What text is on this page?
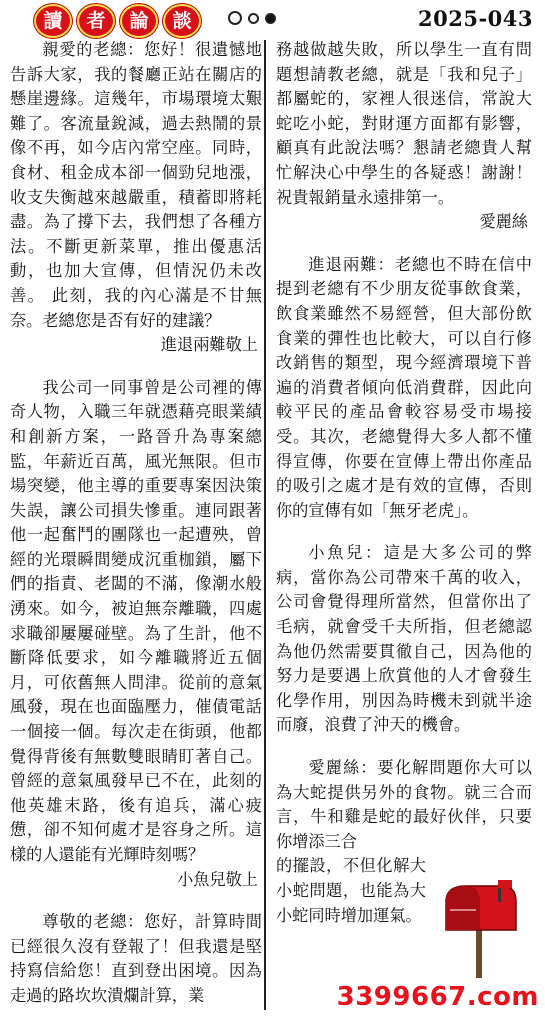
讀	者	論	談	2025-043

親愛的老總：您好！很遺憾地告訴大家，我的餐廳正站在關店的懸崖邊緣。這幾年，市場環境太艱難了。客流量銳減，過去熱鬧的景像不再，如今店內常空座。同時，食材、租金成本卻一個勁兒地漲，收支失衡越來越嚴重，積蓄即將耗盡。為了撐下去，我們想了各種方法。不斷更新菜單，推出優惠活動，也加大宣傳，但情況仍未改善。 此刻，我的內心滿是不甘無奈。老總您是否有好的建議？

進退兩難敬上

我公司一同事曾是公司裡的傳奇人物，入職三年就憑藉亮眼業績和創新方案，一路晉升為專案總監，年薪近百萬，風光無限。但市場突變，他主導的重要專案因決策失誤，讓公司損失慘重。連同跟著他一起奮鬥的團隊也一起遭殃，曾經的光環瞬間變成沉重枷鎖，屬下們的指責、老闆的不滿，像潮水般湧來。如今，被迫無奈離職，四處求職卻屢屢碰壁。為了生計，他不斷降低要求，如今離職將近五個月，可依舊無人問津。從前的意氣風發，現在也面臨壓力，催債電話一個接一個。每次走在街頭，他都覺得背後有無數雙眼睛盯著自己。曾經的意氣風發早已不在，此刻的他英雄末路，後有追兵，滿心疲憊，卻不知何處才是容身之所。這樣的人還能有光輝時刻嗎？

小魚兒敬上

尊敬的老總：您好，計算時間已經很久沒有登報了！但我還是堅持寫信給您！直到登出困境。因為走過的路坎坎潰爛計算，業

務越做越失敗，所以學生一直有問題想請教老總，就是「我和兒子」都屬蛇的，家裡人很迷信，常說大蛇吃小蛇，對財運方面都有影響，顧真有此說法嗎？懇請老總貴人幫忙解決心中學生的各疑惑！謝謝！祝貴報銷量永遠排第一。

愛麗絲

進退兩難：老總也不時在信中提到老總有不少朋友從事飲食業，飲食業雖然不易經營，但大部份飲食業的彈性也比較大，可以自行修改銷售的類型，現今經濟環境下普遍的消費者傾向低消費群，因此向較平民的產品會較容易受市場接受。其次，老總覺得大多人都不懂得宣傳，你要在宣傳上帶出你產品的吸引之處才是有效的宣傳，否則你的宣傳有如「無牙老虎」。

小魚兒：這是大多公司的弊病，當你為公司帶來千萬的收入，公司會覺得理所當然，但當你出了毛病，就會受千夫所指，但老總認為他仍然需要貫徹自己，因為他的努力是要遇上欣賞他的人才會發生化學作用，別因為時機未到就半途而廢，浪費了沖天的機會。

愛麗絲：要化解問題你大可以為大蛇提供另外的食物。就三合而言，牛和雞是蛇的最好伙伴，只要你增添三合

的擺設，不但化解大小蛇問題，也能為大小蛇同時增加運氣。

3399667.com
